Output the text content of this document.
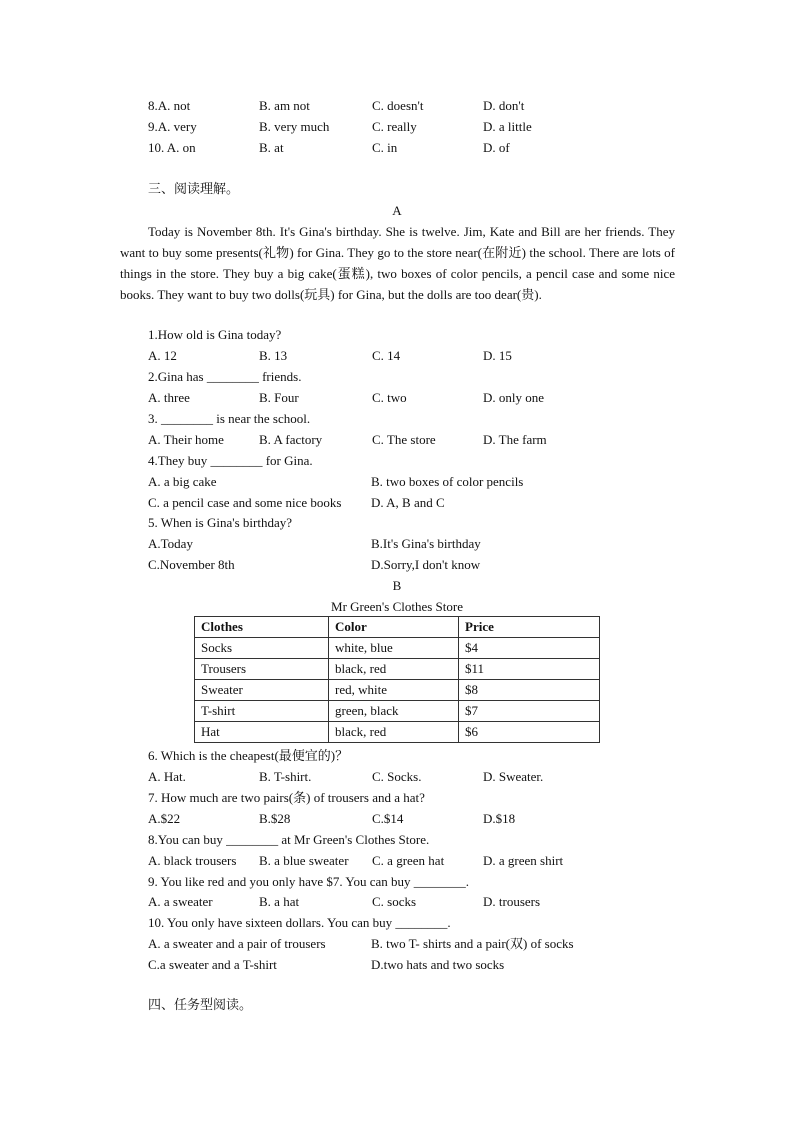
8.A. not	B. am not	C. doesn't	D. don't
9.A. very	B. very much	C. really	D. a little
10. A. on	B. at	C. in	D. of
三、阅读理解。
A
Today is November 8th. It's Gina's birthday. She is twelve. Jim, Kate and Bill are her friends. They want to buy some presents(礼物) for Gina. They go to the store near(在附近) the school. There are lots of things in the store. They buy a big cake(蛋糕), two boxes of color pencils, a pencil case and some nice books. They want to buy two dolls(玩具) for Gina, but the dolls are too dear(贵).
1.How old is Gina today?
A. 12	B. 13	C. 14	D. 15
2.Gina has ________ friends.
A. three	B. Four	C. two	D. only one
3. ________ is near the school.
A. Their home	B. A factory	C. The store	D. The farm
4.They buy ________ for Gina.
A. a big cake	B. two boxes of color pencils
C. a pencil case and some nice books D. A, B and C
5. When is Gina's birthday?
A.Today	B.It's Gina's birthday
C.November 8th	D.Sorry,I don't know
B
Mr Green's Clothes Store
Clothes	Color	Price
Socks	white, blue	$4
Trousers	black, red	$11
Sweater	red, white	$8
T-shirt	green, black	$7
Hat	black, red	$6
6. Which is the cheapest(最便宜的)？
A. Hat.	B. T-shirt.	C. Socks.	D. Sweater.
7. How much are two pairs(条) of trousers and a hat?
A.$22	B.$28	C.$14	D.$18
8.You can buy ________ at Mr Green's Clothes Store.
A. black trousers B. a blue sweater C. a green hat	D. a green shirt
9. You like red and you only have $7. You can buy ________.
A. a sweater	B. a hat	C. socks	D. trousers
10. You only have sixteen dollars. You can buy ________.
A. a sweater and a pair of trousers	B. two T- shirts and a pair(双) of socks
C.a sweater and a T-shirt	D.two hats and two socks
四、任务型阅读。
